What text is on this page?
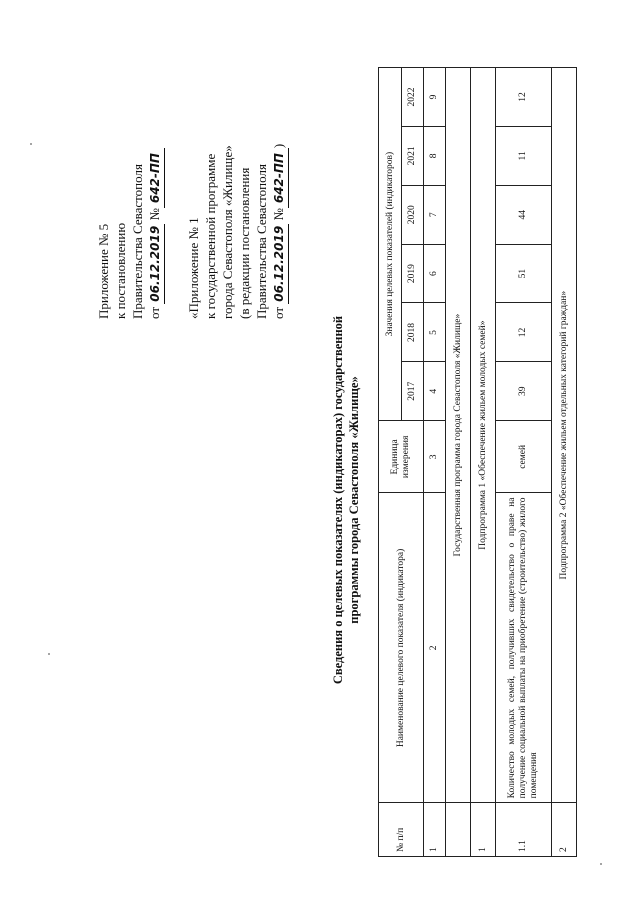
Приложение № 5 к постановлению Правительства Севастополя от 06.12.2019 №642-ПП
«Приложение № 1 к государственной программе города Севастополя «Жилище» (в редакции постановления Правительства Севастополя от 06.12.2019 №642-ПП)
Сведения о целевых показателях (индикаторах) государственной программы города Севастополя «Жилище»
№ п/п	Наименование целевого показателя (индикатора)	Единица измерения	Значения целевых показателей (индикаторов)					
			2017	2018	2019	2020	2021	2022
1	2	3	4	5	6	7	8	9
	Государственная программа города Севастополя «Жилище»							
1	Подпрограмма 1 «Обеспечение жильем молодых семей»							
1.1	Количество молодых семей, получивших свидетельство о праве на получение социальной выплаты на приобретение (строительство) жилого помещения	семей	39	12	51	44	11	12
2	Подпрограмма 2 «Обеспечение жильем отдельных категорий граждан»							
